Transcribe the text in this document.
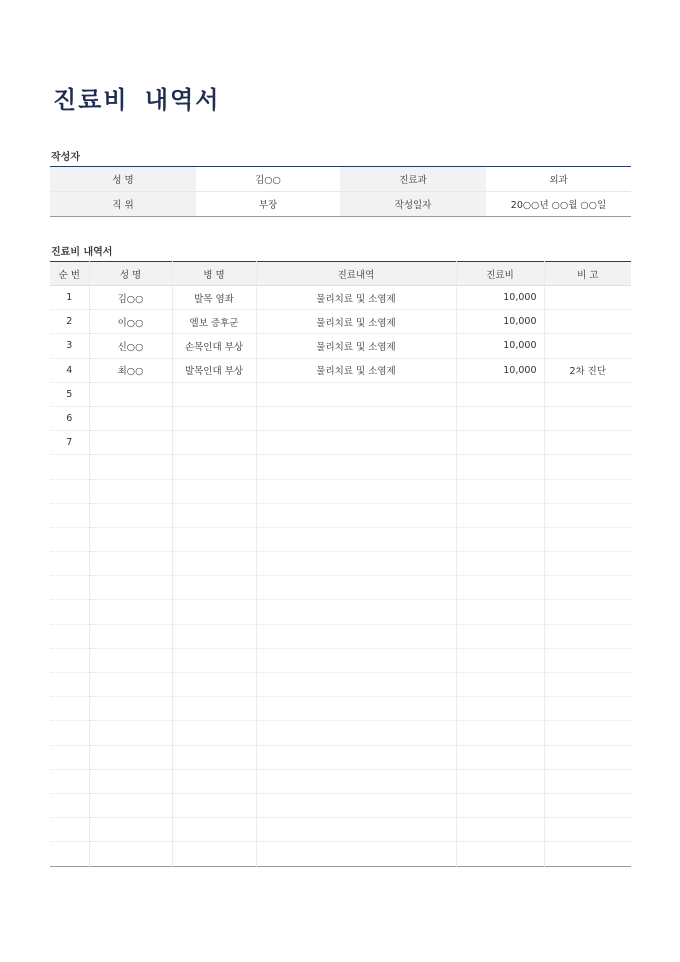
진료비 내역서

작성자

성 명	김○○	진료과	외과
직 위	부장	작성일자	20○○년 ○○월 ○○일

진료비 내역서

순 번	성 명	병 명	진료내역	진료비	비 고
1	김○○	발목 염좌	물리치료 및 소염제	10,000	
2	이○○	엘보 증후군	물리치료 및 소염제	10,000	
3	신○○	손목인대 부상	물리치료 및 소염제	10,000	
4	최○○	발목인대 부상	물리치료 및 소염제	10,000	2차 진단
5					
6					
7					
